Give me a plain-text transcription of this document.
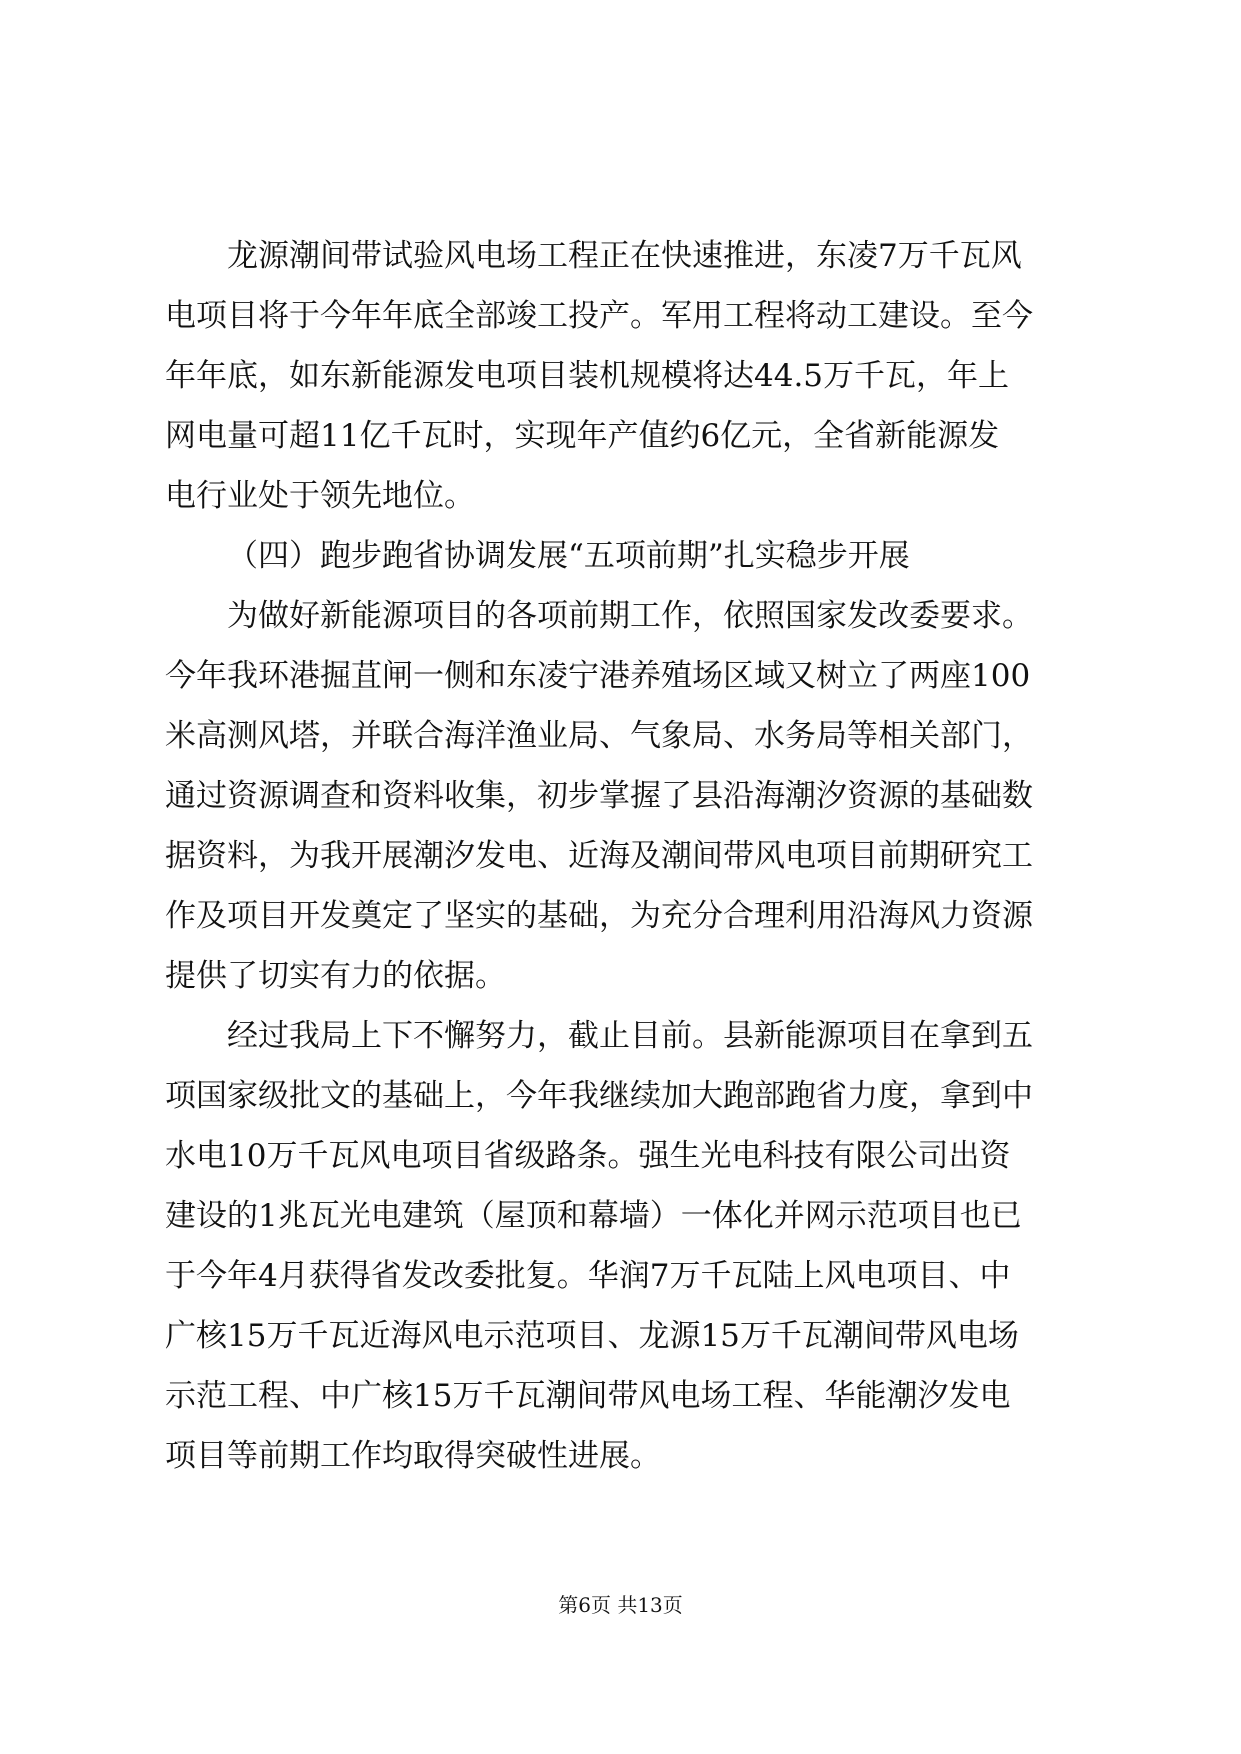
龙源潮间带试验风电场工程正在快速推进，东凌7万千瓦风
电项目将于今年年底全部竣工投产。军用工程将动工建设。至今
年年底，如东新能源发电项目装机规模将达44.5万千瓦，年上
网电量可超11亿千瓦时，实现年产值约6亿元，全省新能源发
电行业处于领先地位。
（四）跑步跑省协调发展“五项前期”扎实稳步开展
为做好新能源项目的各项前期工作，依照国家发改委要求。
今年我环港掘苴闸一侧和东凌宁港养殖场区域又树立了两座100
米高测风塔，并联合海洋渔业局、气象局、水务局等相关部门，
通过资源调查和资料收集，初步掌握了县沿海潮汐资源的基础数
据资料，为我开展潮汐发电、近海及潮间带风电项目前期研究工
作及项目开发奠定了坚实的基础，为充分合理利用沿海风力资源
提供了切实有力的依据。
经过我局上下不懈努力，截止目前。县新能源项目在拿到五
项国家级批文的基础上，今年我继续加大跑部跑省力度，拿到中
水电10万千瓦风电项目省级路条。强生光电科技有限公司出资
建设的1兆瓦光电建筑（屋顶和幕墙）一体化并网示范项目也已
于今年4月获得省发改委批复。华润7万千瓦陆上风电项目、中
广核15万千瓦近海风电示范项目、龙源15万千瓦潮间带风电场
示范工程、中广核15万千瓦潮间带风电场工程、华能潮汐发电
项目等前期工作均取得突破性进展。
第6页 共13页
